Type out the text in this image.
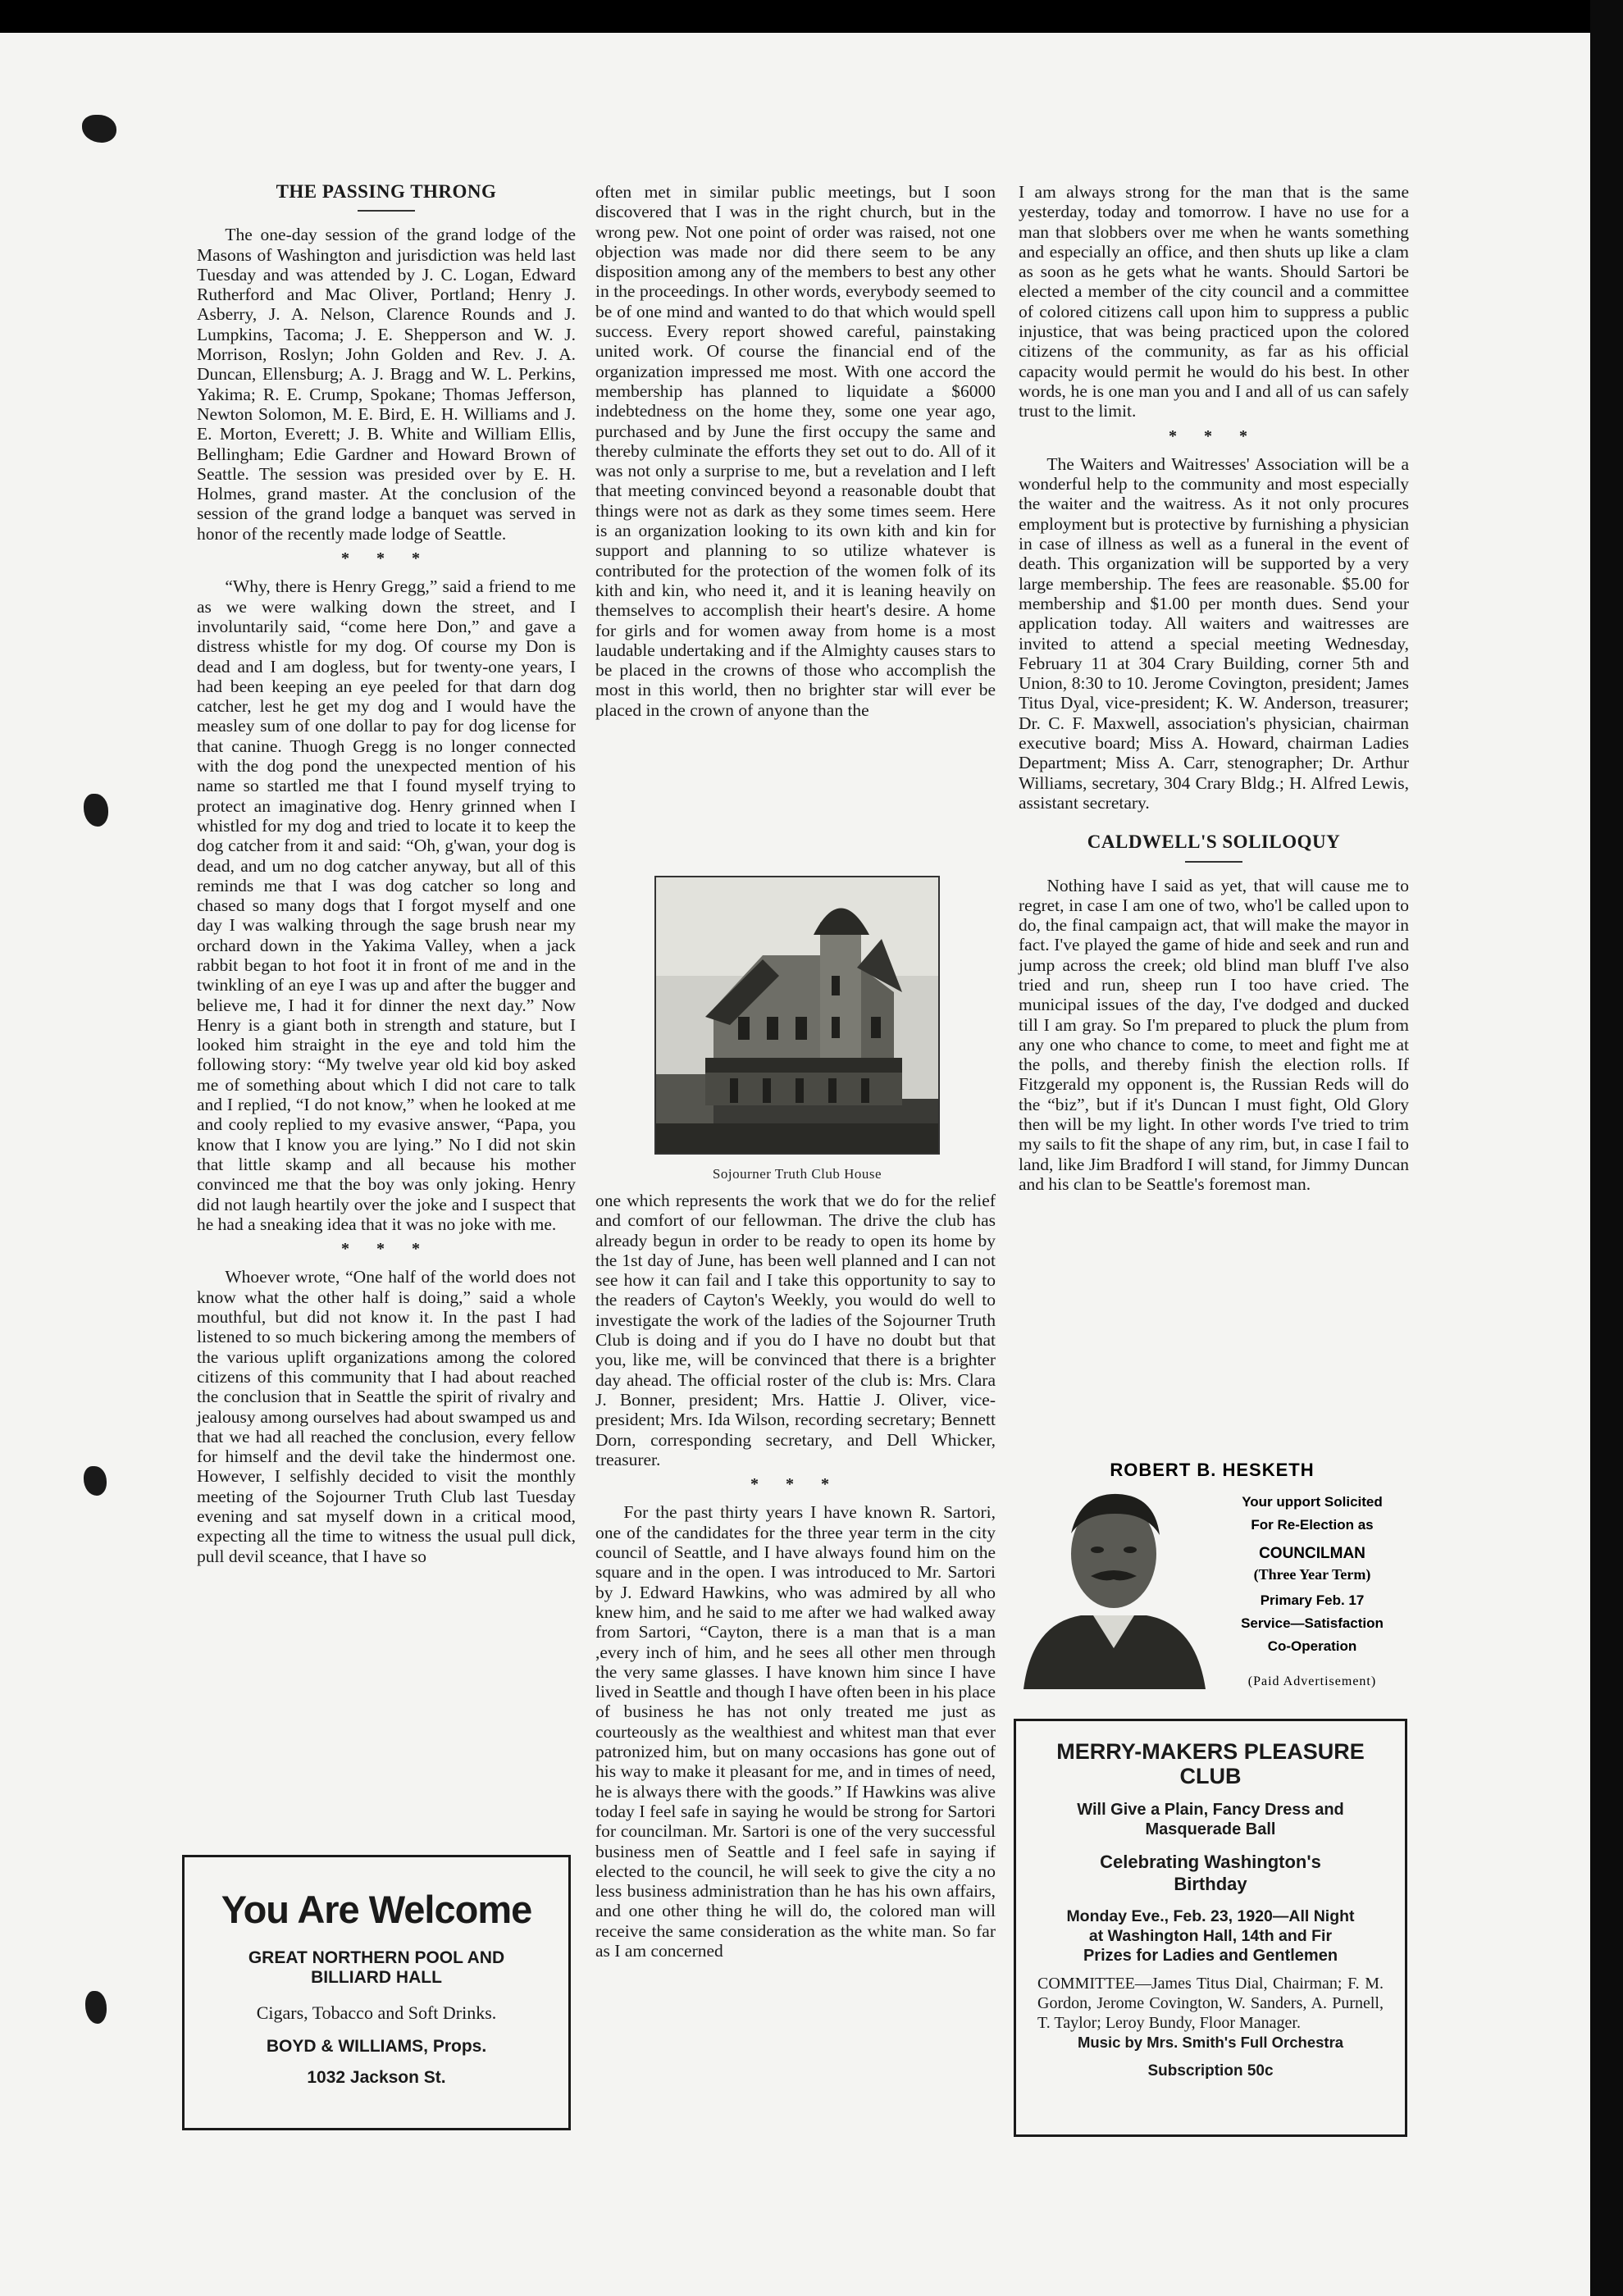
THE PASSING THRONG

The one-day session of the grand lodge of the Masons of Washington and jurisdiction was held last Tuesday and was attended by J. C. Logan, Edward Rutherford and Mac Oliver, Portland; Henry J. Asberry, J. A. Nelson, Clarence Rounds and J. Lumpkins, Tacoma; J. E. Shepperson and W. J. Morrison, Roslyn; John Golden and Rev. J. A. Duncan, Ellensburg; A. J. Bragg and W. L. Perkins, Yakima; R. E. Crump, Spokane; Thomas Jefferson, Newton Solomon, M. E. Bird, E. H. Williams and J. E. Morton, Everett; J. B. White and William Ellis, Bellingham; Edie Gardner and Howard Brown of Seattle. The session was presided over by E. H. Holmes, grand master. At the conclusion of the session of the grand lodge a banquet was served in honor of the recently made lodge of Seattle.

* * *

“Why, there is Henry Gregg,” said a friend to me as we were walking down the street, and I involuntarily said, “come here Don,” and gave a distress whistle for my dog. Of course my Don is dead and I am dogless, but for twenty-one years, I had been keeping an eye peeled for that darn dog catcher, lest he get my dog and I would have the measley sum of one dollar to pay for dog license for that canine. Thuogh Gregg is no longer connected with the dog pond the unexpected mention of his name so startled me that I found myself trying to protect an imaginative dog. Henry grinned when I whistled for my dog and tried to locate it to keep the dog catcher from it and said: “Oh, g'wan, your dog is dead, and um no dog catcher anyway, but all of this reminds me that I was dog catcher so long and chased so many dogs that I forgot myself and one day I was walking through the sage brush near my orchard down in the Yakima Valley, when a jack rabbit began to hot foot it in front of me and in the twinkling of an eye I was up and after the bugger and believe me, I had it for dinner the next day.” Now Henry is a giant both in strength and stature, but I looked him straight in the eye and told him the following story: “My twelve year old kid boy asked me of something about which I did not care to talk and I replied, “I do not know,” when he looked at me and cooly replied to my evasive answer, “Papa, you know that I know you are lying.” No I did not skin that little skamp and all because his mother convinced me that the boy was only joking. Henry did not laugh heartily over the joke and I suspect that he had a sneaking idea that it was no joke with me.

* * *

Whoever wrote, “One half of the world does not know what the other half is doing,” said a whole mouthful, but did not know it. In the past I had listened to so much bickering among the members of the various uplift organizations among the colored citizens of this community that I had about reached the conclusion that in Seattle the spirit of rivalry and jealousy among ourselves had about swamped us and that we had all reached the conclusion, every fellow for himself and the devil take the hindermost one. However, I selfishly decided to visit the monthly meeting of the Sojourner Truth Club last Tuesday evening and sat myself down in a critical mood, expecting all the time to witness the usual pull dick, pull devil sceance, that I have so

You Are Welcome
GREAT NORTHERN POOL AND
BILLIARD HALL
Cigars, Tobacco and Soft Drinks.
BOYD & WILLIAMS, Props.
1032 Jackson St.

often met in similar public meetings, but I soon discovered that I was in the right church, but in the wrong pew. Not one point of order was raised, not one objection was made nor did there seem to be any disposition among any of the members to best any other in the proceedings. In other words, everybody seemed to be of one mind and wanted to do that which would spell success. Every report showed careful, painstaking united work. Of course the financial end of the organization impressed me most. With one accord the membership has planned to liquidate a $6000 indebtedness on the home they, some one year ago, purchased and by June the first occupy the same and thereby culminate the efforts they set out to do. All of it was not only a surprise to me, but a revelation and I left that meeting convinced beyond a reasonable doubt that things were not as dark as they some times seem. Here is an organization looking to its own kith and kin for support and planning to so utilize whatever is contributed for the protection of the women folk of its kith and kin, who need it, and it is leaning heavily on themselves to accomplish their heart's desire. A home for girls and for women away from home is a most laudable undertaking and if the Almighty causes stars to be placed in the crowns of those who accomplish the most in this world, then no brighter star will ever be placed in the crown of anyone than the

Sojourner Truth Club House

one which represents the work that we do for the relief and comfort of our fellowman. The drive the club has already begun in order to be ready to open its home by the 1st day of June, has been well planned and I can not see how it can fail and I take this opportunity to say to the readers of Cayton's Weekly, you would do well to investigate the work of the ladies of the Sojourner Truth Club is doing and if you do I have no doubt but that you, like me, will be convinced that there is a brighter day ahead. The official roster of the club is: Mrs. Clara J. Bonner, president; Mrs. Hattie J. Oliver, vice-president; Mrs. Ida Wilson, recording secretary; Bennett Dorn, corresponding secretary, and Dell Whicker, treasurer.

* * *

For the past thirty years I have known R. Sartori, one of the candidates for the three year term in the city council of Seattle, and I have always found him on the square and in the open. I was introduced to Mr. Sartori by J. Edward Hawkins, who was admired by all who knew him, and he said to me after we had walked away from Sartori, “Cayton, there is a man that is a man ,every inch of him, and he sees all other men through the very same glasses. I have known him since I have lived in Seattle and though I have often been in his place of business he has not only treated me just as courteously as the wealthiest and whitest man that ever patronized him, but on many occasions has gone out of his way to make it pleasant for me, and in times of need, he is always there with the goods.” If Hawkins was alive today I feel safe in saying he would be strong for Sartori for councilman. Mr. Sartori is one of the very successful business men of Seattle and I feel safe in saying if elected to the council, he will seek to give the city a no less business administration than he has his own affairs, and one other thing he will do, the colored man will receive the same consideration as the white man. So far as I am concerned

I am always strong for the man that is the same yesterday, today and tomorrow. I have no use for a man that slobbers over me when he wants something and especially an office, and then shuts up like a clam as soon as he gets what he wants. Should Sartori be elected a member of the city council and a committee of colored citizens call upon him to suppress a public injustice, that was being practiced upon the colored citizens of the community, as far as his official capacity would permit he would do his best. In other words, he is one man you and I and all of us can safely trust to the limit.

* * *

The Waiters and Waitresses' Association will be a wonderful help to the community and most especially the waiter and the waitress. As it not only procures employment but is protective by furnishing a physician in case of illness as well as a funeral in the event of death. This organization will be supported by a very large membership. The fees are reasonable. $5.00 for membership and $1.00 per month dues. Send your application today. All waiters and waitresses are invited to attend a special meeting Wednesday, February 11 at 304 Crary Building, corner 5th and Union, 8:30 to 10. Jerome Covington, president; James Titus Dyal, vice-president; K. W. Anderson, treasurer; Dr. C. F. Maxwell, association's physician, chairman executive board; Miss A. Howard, chairman Ladies Department; Miss A. Carr, stenographer; Dr. Arthur Williams, secretary, 304 Crary Bldg.; H. Alfred Lewis, assistant secretary.

CALDWELL'S SOLILOQUY

Nothing have I said as yet, that will cause me to regret, in case I am one of two, who'l be called upon to do, the final campaign act, that will make the mayor in fact. I've played the game of hide and seek and run and jump across the creek; old blind man bluff I've also tried and run, sheep run I too have cried. The municipal issues of the day, I've dodged and ducked till I am gray. So I'm prepared to pluck the plum from any one who chance to come, to meet and fight me at the polls, and thereby finish the election rolls. If Fitzgerald my opponent is, the Russian Reds will do the “biz”, but if it's Duncan I must fight, Old Glory then will be my light. In other words I've tried to trim my sails to fit the shape of any rim, but, in case I fail to land, like Jim Bradford I will stand, for Jimmy Duncan and his clan to be Seattle's foremost man.

ROBERT B. HESKETH
Your upport Solicited
For Re-Election as
COUNCILMAN
(Three Year Term)
Primary Feb. 17
Service—Satisfaction
Co-Operation
(Paid Advertisement)
MERRY-MAKERS PLEASURE
CLUB
Will Give a Plain, Fancy Dress and
Masquerade Ball
Celebrating Washington's
Birthday
Monday Eve., Feb. 23, 1920—All Night
at Washington Hall, 14th and Fir
Prizes for Ladies and Gentlemen
COMMITTEE—James Titus Dial, Chairman; F. M. Gordon, Jerome Covington, W. Sanders, A. Purnell, T. Taylor; Leroy Bundy, Floor Manager.
Music by Mrs. Smith's Full Orchestra
Subscription 50c
